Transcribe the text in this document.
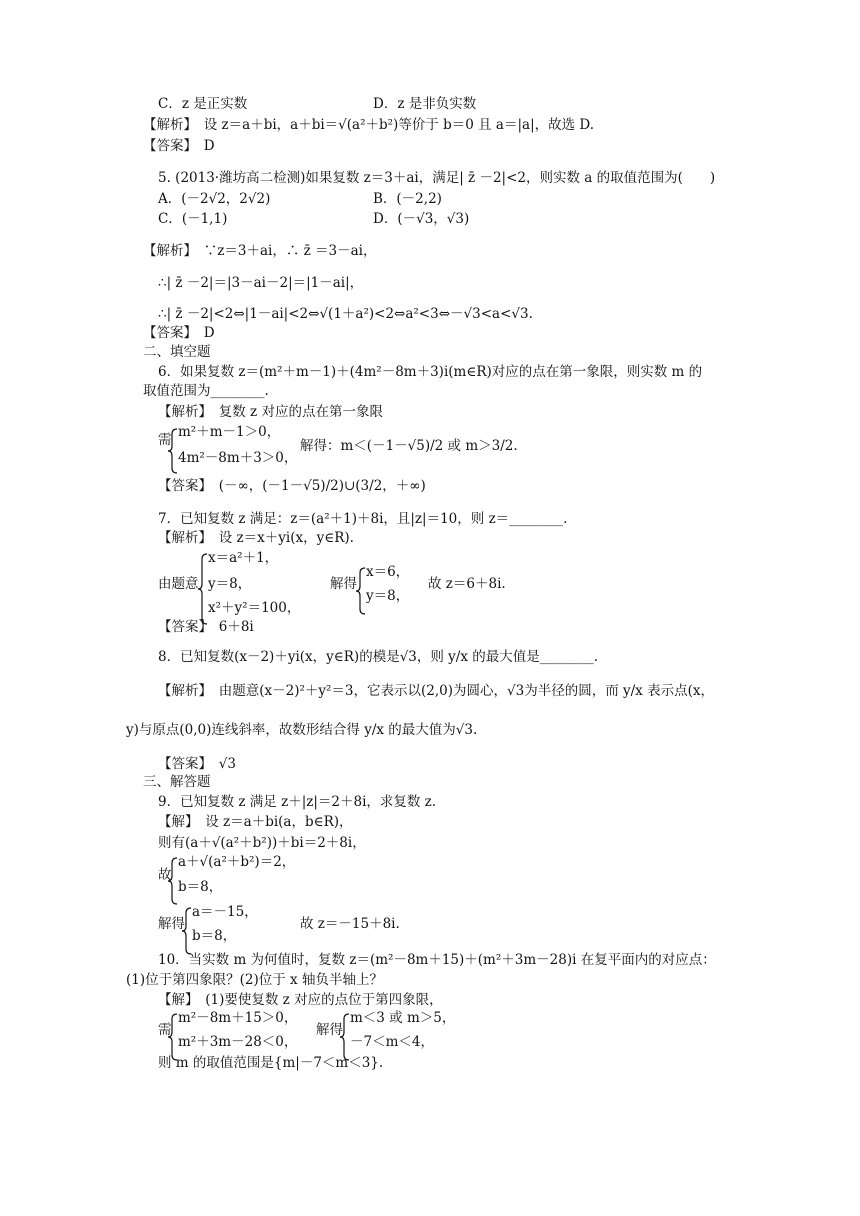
C．z 是正实数	D．z 是非负实数
【解析】　设 z＝a＋bi，a＋bi＝√(a²＋b²)等价于 b＝0 且 a＝|a|，故选 D.
【答案】　D
5. (2013·潍坊高二检测)如果复数 z＝3＋ai，满足| z̄ －2|<2，则实数 a 的取值范围为(　　)
A．(－2√2，2√2)	B．(－2,2)
C．(－1,1)	D．(－√3，√3)
【解析】　∵z＝3＋ai，∴ z̄ ＝3－ai，
∴| z̄ －2|＝|3－ai－2|＝|1－ai|，
∴| z̄ －2|<2⇔|1－ai|<2⇔√(1＋a²)<2⇔a²<3⇔－√3<a<√3.
【答案】　D
二、填空题
6．如果复数 z＝(m²＋m－1)＋(4m²－8m＋3)i(m∈R)对应的点在第一象限，则实数 m 的
取值范围为________.
【解析】　复数 z 对应的点在第一象限
需 m²＋m－1＞0，
4m²－8m＋3＞0，
解得：m＜(－1－√5)/2 或 m＞3/2.
【答案】　(－∞，(－1－√5)/2)∪(3/2，＋∞)
7．已知复数 z 满足：z＝(a²＋1)＋8i，且|z|＝10，则 z＝________.
【解析】　设 z＝x＋yi(x，y∈R).
由题意
x＝a²＋1，
y＝8，
x²＋y²＝100，
解得
x＝6，
y＝8，
故 z＝6＋8i.
【答案】　6＋8i
8．已知复数(x－2)＋yi(x，y∈R)的模是√3，则 y/x 的最大值是________.
【解析】　由题意(x－2)²＋y²＝3，它表示以(2,0)为圆心，√3为半径的圆，而 y/x 表示点(x，
y)与原点(0,0)连线斜率，故数形结合得 y/x 的最大值为√3.
【答案】　√3
三、解答题
9．已知复数 z 满足 z＋|z|＝2＋8i，求复数 z.
【解】　设 z＝a＋bi(a，b∈R)，
则有(a＋√(a²＋b²))＋bi＝2＋8i，
故
a＋√(a²＋b²)＝2，
b＝8，
解得
a＝－15，
b＝8，
故 z＝－15＋8i.
10．当实数 m 为何值时，复数 z＝(m²－8m＋15)＋(m²＋3m－28)i 在复平面内的对应点：
(1)位于第四象限？(2)位于 x 轴负半轴上？
【解】　(1)要使复数 z 对应的点位于第四象限，
需
m²－8m＋15＞0，
m²＋3m－28＜0，
解得
m＜3 或 m＞5，
－7＜m＜4，
则 m 的取值范围是{m|－7＜m＜3}.
